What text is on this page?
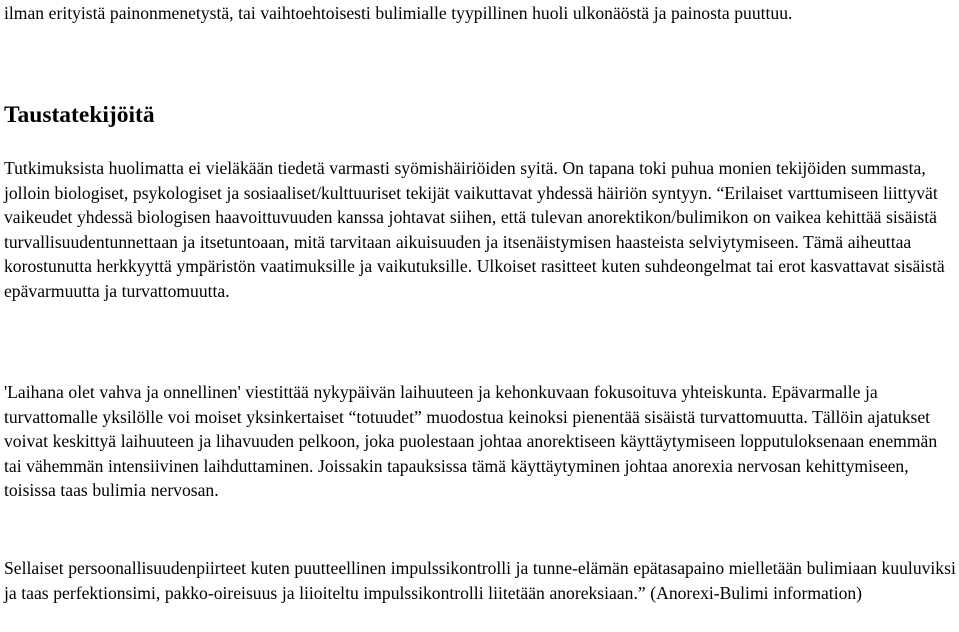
ilman erityistä painonmenetystä, tai vaihtoehtoisesti bulimialle tyypillinen huoli ulkonäöstä ja painosta puuttuu.

Taustatekijöitä

Tutkimuksista huolimatta ei vieläkään tiedetä varmasti syömishäiriöiden syitä. On tapana toki puhua monien tekijöiden summasta, jolloin biologiset, psykologiset ja sosiaaliset/kulttuuriset tekijät vaikuttavat yhdessä häiriön syntyyn. “Erilaiset varttumiseen liittyvät vaikeudet yhdessä biologisen haavoittuvuuden kanssa johtavat siihen, että tulevan anorektikon/bulimikon on vaikea kehittää sisäistä turvallisuudentunnettaan ja itsetuntoaan, mitä tarvitaan aikuisuuden ja itsenäistymisen haasteista selviytymiseen. Tämä aiheuttaa korostunutta herkkyyttä ympäristön vaatimuksille ja vaikutuksille. Ulkoiset rasitteet kuten suhdeongelmat tai erot kasvattavat sisäistä epävarmuutta ja turvattomuutta.

'Laihana olet vahva ja onnellinen' viestittää nykypäivän laihuuteen ja kehonkuvaan fokusoituva yhteiskunta. Epävarmalle ja turvattomalle yksilölle voi moiset yksinkertaiset “totuudet” muodostua keinoksi pienentää sisäistä turvattomuutta. Tällöin ajatukset voivat keskittyä laihuuteen ja lihavuuden pelkoon, joka puolestaan johtaa anorektiseen käyttäytymiseen lopputuloksenaan enemmän tai vähemmän intensiivinen laihduttaminen. Joissakin tapauksissa tämä käyttäytyminen johtaa anorexia nervosan kehittymiseen, toisissa taas bulimia nervosan.

Sellaiset persoonallisuudenpiirteet kuten puutteellinen impulssikontrolli ja tunne-elämän epätasapaino mielletään bulimiaan kuuluviksi ja taas perfektionsimi, pakko-oireisuus ja liioiteltu impulssikontrolli liitetään anoreksiaan.” (Anorexi-Bulimi information)
